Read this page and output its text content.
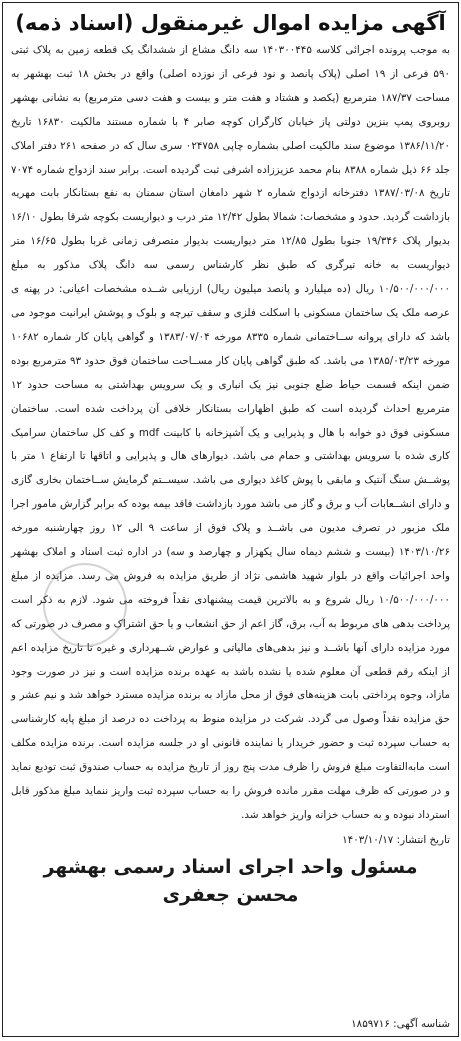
آگهی مزایده اموال غیرمنقول (اسناد ذمه)

به موجب پرونده اجرائی کلاسه ۱۴۰۳۰۰۴۴۵ سه دانگ مشاع از ششدانگ یک قطعه زمین به پلاک ثبتی ۵۹۰ فرعی از ۱۹ اصلی (پلاک پانصد و نود فرعی از نوزده اصلی) واقع در بخش ۱۸ ثبت بهشهر به مساحت ۱۸۷/۳۷ مترمربع (یکصد و هشتاد و هفت متر و بیست و هفت دسی مترمربع) به نشانی بهشهر روبروی پمپ بنزین دولتی پاز خیابان کارگران کوچه صابر ۴ با شماره مستند مالکیت ۱۶۸۳۰ تاریخ ۱۳۸۶/۱۱/۲۰ موضوع سند مالکیت اصلی بشماره چاپی ۰۲۴۷۵۸ سری سال که در صفحه ۲۶۱ دفتر املاک جلد ۶۶ ذیل شماره ۸۳۸۸ بنام محمد عزیززاده اشرفی ثبت گردیده است. برابر سند ازدواج شماره ۷۰۷۴ تاریخ ۱۳۸۷/۰۳/۰۸ دفترخانه ازدواج شماره ۲ شهر دامغان استان سمنان به نفع بستانکار بابت مهریه بازداشت گردید. حدود و مشخصات: شمالا بطول ۱۲/۴۲ متر درب و دیواریست بکوچه شرقا بطول ۱۶/۱۰ بدیوار پلاک ۱۹/۳۴۶ جنوبا بطول ۱۲/۸۵ متر دیواریست بدیوار متصرفی زمانی غربا بطول ۱۶/۶۵ متر دیواریست به خانه تیرگری که طبق نظر کارشناس رسمی سه دانگ پلاک مذکور به مبلغ ۱۰/۵۰۰/۰۰۰/۰۰۰ ریال (ده میلیارد و پانصد میلیون ریال) ارزیابی شــده مشخصات اعیانی: در پهنه ی عرصه ملک یک ساختمان مسکونی با اسکلت فلزی و سقف تیرچه و بلوک و پوشش ایرانیت موجود می باشد که دارای پروانه ســاختمانی شماره ۸۳۳۵ مورخه ۱۳۸۳/۰۷/۰۴ و گواهی پایان کار شماره ۱۰۶۸۲ مورخه ۱۳۸۵/۰۳/۲۳ می باشد. که طبق گواهی پایان کار مســاحت ساختمان فوق حدود ۹۳ مترمربع بوده ضمن اینکه قسمت حیاط ضلع جنوبی نیز یک انباری و یک سرویس بهداشتی به مساحت حدود ۱۲ مترمربع احداث گردیده است که طبق اظهارات بستانکار خلافی آن پرداخت شده است. ساختمان مسکونی فوق دو خوابه با هال و پذیرایی و یک آشپزخانه با کابینت mdf و کف کل ساختمان سرامیک کاری شده با سرویس بهداشتی و حمام می باشد. دیوارهای هال و پذیرایی و اتاقها تا ارتفاع ۱ متر با پوشــش سنگ آنتیک و مابقی با پوش کاغذ دیواری می باشد. سیســتم گرمایش ســاختمان بخاری گازی و دارای انشــعابات آب و برق و گاز می باشد مورد بازداشت فاقد بیمه بوده که برابر گزارش مامور اجرا ملک مزبور در تصرف مدیون می باشــد و پلاک فوق از ساعت ۹ الی ۱۲ روز چهارشنبه مورخه ۱۴۰۳/۱۰/۲۶ (بیست و ششم دیماه سال یکهزار و چهارصد و سه) در اداره ثبت اسناد و املاک بهشهر واحد اجرائیات واقع در بلوار شهید هاشمی نژاد از طریق مزایده به فروش می رسد. مزایده از مبلغ ۱۰/۵۰۰/۰۰۰/۰۰۰ ریال شروع و به بالاترین قیمت پیشنهادی نقداً فروخته می شود. لازم به ذکر است پرداخت بدهی های مربوط به آب، برق، گاز اعم از حق انشعاب و یا حق اشتراک و مصرف در صورتی که مورد مزایده دارای آنها باشــد و نیز بدهی‌های مالیاتی و عوارض شــهرداری و غیره تا تاریخ مزایده اعم از اینکه رقم قطعی آن معلوم شده یا نشده باشد به عهده برنده مزایده است و نیز در صورت وجود مازاد، وجوه پرداختی بابت هزینه‌های فوق از محل مازاد به برنده مزایده مسترد خواهد شد و نیم عشر و حق مزایده نقداً وصول می گردد. شرکت در مزایده منوط به پرداخت ده درصد از مبلغ پایه کارشناسی به حساب سپرده ثبت و حضور خریدار یا نماینده قانونی او در جلسه مزایده است. برنده مزایده مکلف است مابه‌التفاوت مبلغ فروش را ظرف مدت پنج روز از تاریخ مزایده به حساب صندوق ثبت تودیع نماید و در صورتی که ظرف مهلت مقرر مانده فروش را به حساب سپرده ثبت واریز ننماید مبلغ مذکور قابل استرداد نبوده و به حساب خزانه واریز خواهد شد.

تاریخ انتشار: ۱۴۰۳/۱۰/۱۷
مسئول واحد اجرای اسناد رسمی بهشهر
محسن جعفری
شناسه آگهی: ۱۸۵۹۷۱۶
